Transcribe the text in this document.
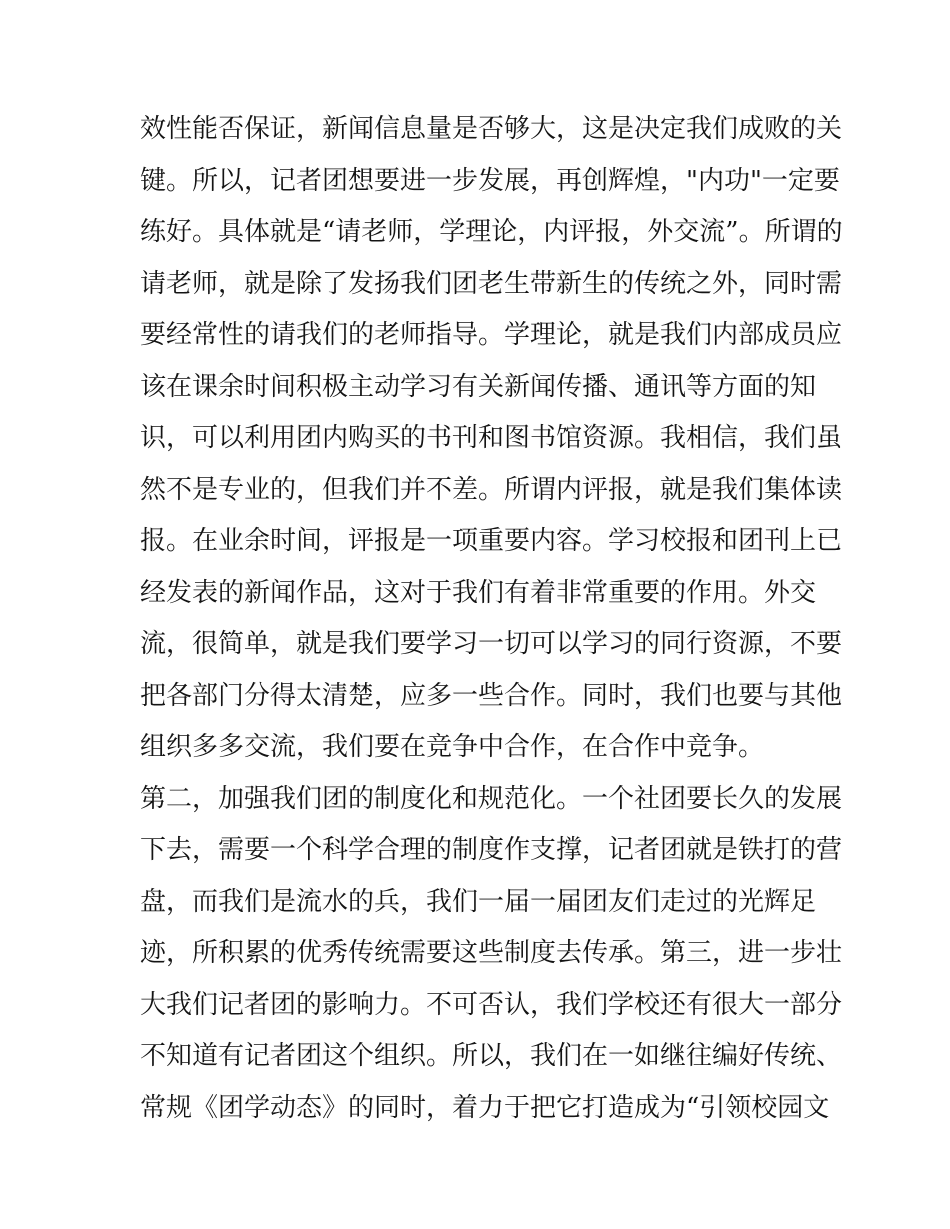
效性能否保证，新闻信息量是否够大，这是决定我们成败的关
键。所以，记者团想要进一步发展，再创辉煌，"内功"一定要
练好。具体就是“请老师，学理论，内评报，外交流”。所谓的
请老师，就是除了发扬我们团老生带新生的传统之外，同时需
要经常性的请我们的老师指导。学理论，就是我们内部成员应
该在课余时间积极主动学习有关新闻传播、通讯等方面的知
识，可以利用团内购买的书刊和图书馆资源。我相信，我们虽
然不是专业的，但我们并不差。所谓内评报，就是我们集体读
报。在业余时间，评报是一项重要内容。学习校报和团刊上已
经发表的新闻作品，这对于我们有着非常重要的作用。外交
流，很简单，就是我们要学习一切可以学习的同行资源，不要
把各部门分得太清楚，应多一些合作。同时，我们也要与其他
组织多多交流，我们要在竞争中合作，在合作中竞争。
第二，加强我们团的制度化和规范化。一个社团要长久的发展
下去，需要一个科学合理的制度作支撑，记者团就是铁打的营
盘，而我们是流水的兵，我们一届一届团友们走过的光辉足
迹，所积累的优秀传统需要这些制度去传承。第三，进一步壮
大我们记者团的影响力。不可否认，我们学校还有很大一部分
不知道有记者团这个组织。所以，我们在一如继往编好传统、
常规《团学动态》的同时，着力于把它打造成为“引领校园文
